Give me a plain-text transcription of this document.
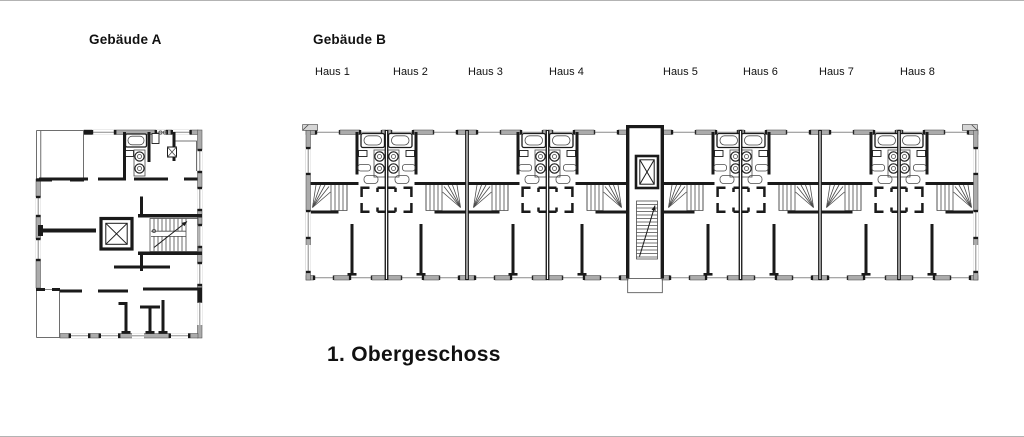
Gebäude A	Gebäude B
Haus 1	Haus 2	Haus 3	Haus 4	Haus 5	Haus 6	Haus 7	Haus 8
1. Obergeschoss
